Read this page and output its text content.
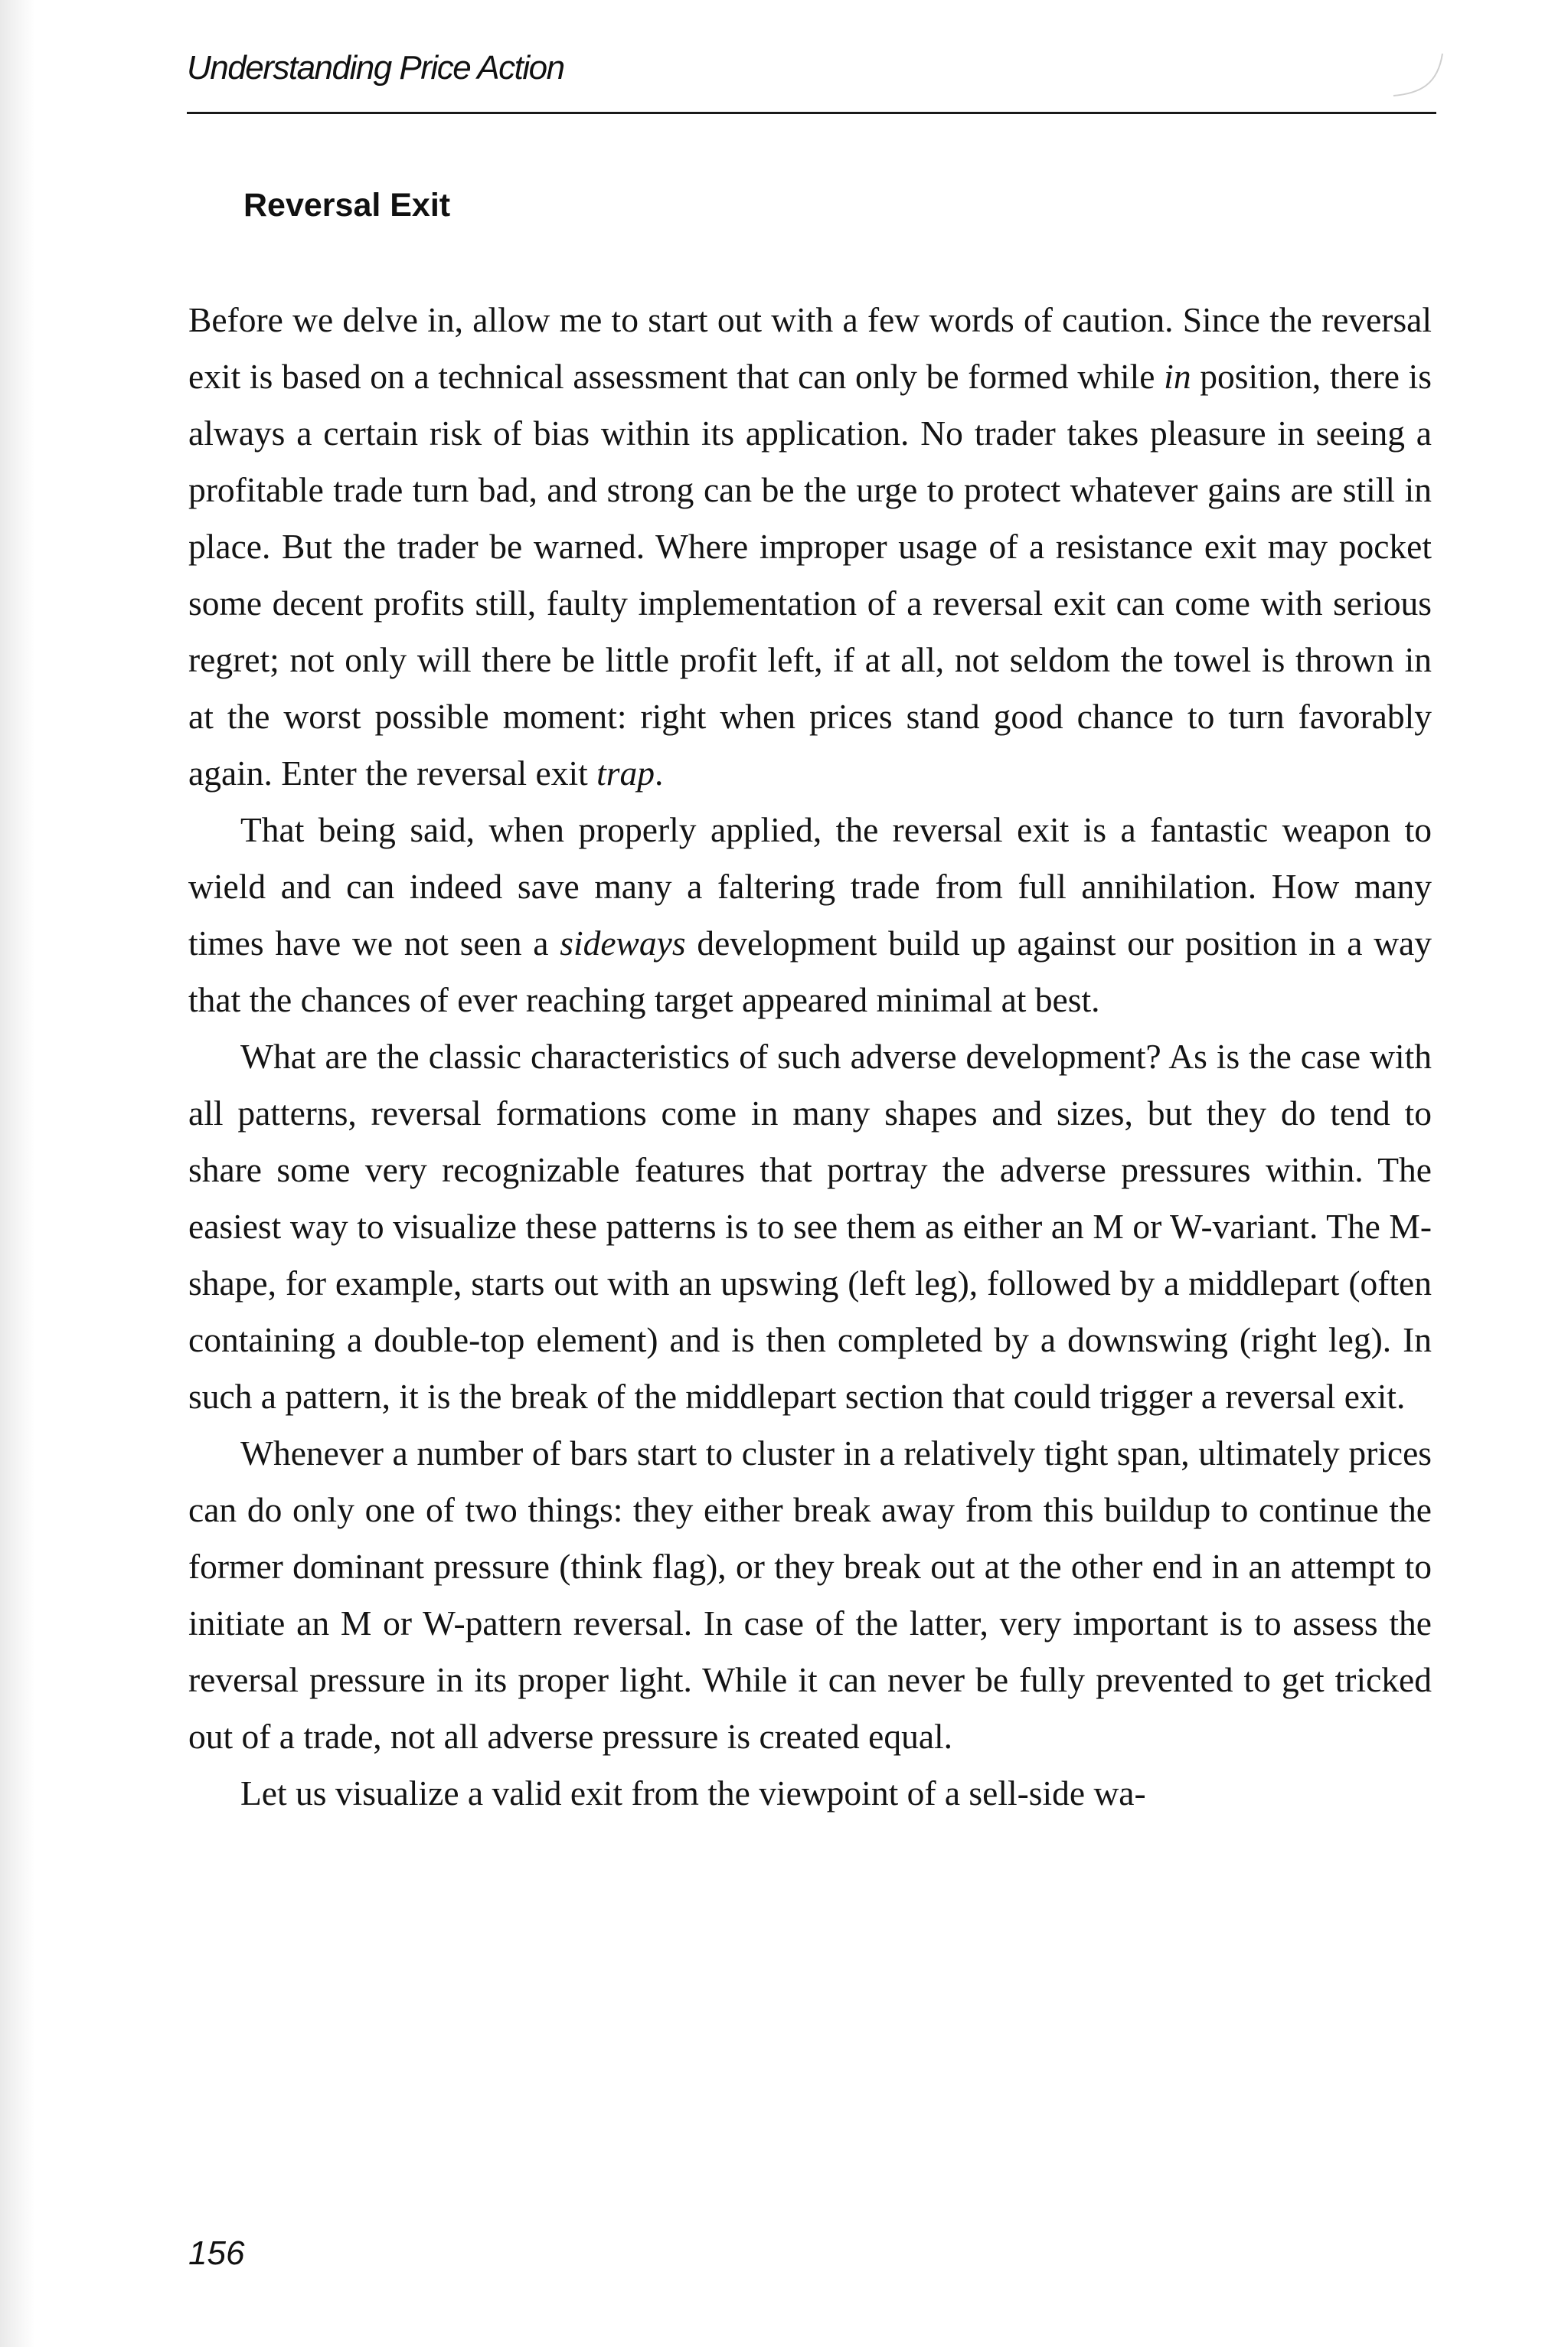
Understanding Price Action
Reversal Exit

Before we delve in, allow me to start out with a few words of caution. Since the reversal exit is based on a technical assessment that can only be formed while in position, there is always a certain risk of bias within its application. No trader takes pleasure in seeing a profitable trade turn bad, and strong can be the urge to protect whatever gains are still in place. But the trader be warned. Where improper usage of a resistance exit may pocket some decent profits still, faulty implementation of a reversal exit can come with serious regret; not only will there be little profit left, if at all, not seldom the towel is thrown in at the worst possible moment: right when prices stand good chance to turn favorably again. Enter the reversal exit trap.

That being said, when properly applied, the reversal exit is a fantastic weapon to wield and can indeed save many a faltering trade from full annihilation. How many times have we not seen a sideways development build up against our position in a way that the chances of ever reaching target appeared minimal at best.

What are the classic characteristics of such adverse development? As is the case with all patterns, reversal formations come in many shapes and sizes, but they do tend to share some very recognizable features that portray the adverse pressures within. The easiest way to visualize these patterns is to see them as either an M or W-variant. The M-shape, for example, starts out with an upswing (left leg), followed by a middlepart (often containing a double-top element) and is then completed by a downswing (right leg). In such a pattern, it is the break of the middlepart section that could trigger a reversal exit.

Whenever a number of bars start to cluster in a relatively tight span, ultimately prices can do only one of two things: they either break away from this buildup to continue the former dominant pressure (think flag), or they break out at the other end in an attempt to initiate an M or W-pattern reversal. In case of the latter, very important is to assess the reversal pressure in its proper light. While it can never be fully prevented to get tricked out of a trade, not all adverse pressure is created equal.

Let us visualize a valid exit from the viewpoint of a sell-side wa-

156
